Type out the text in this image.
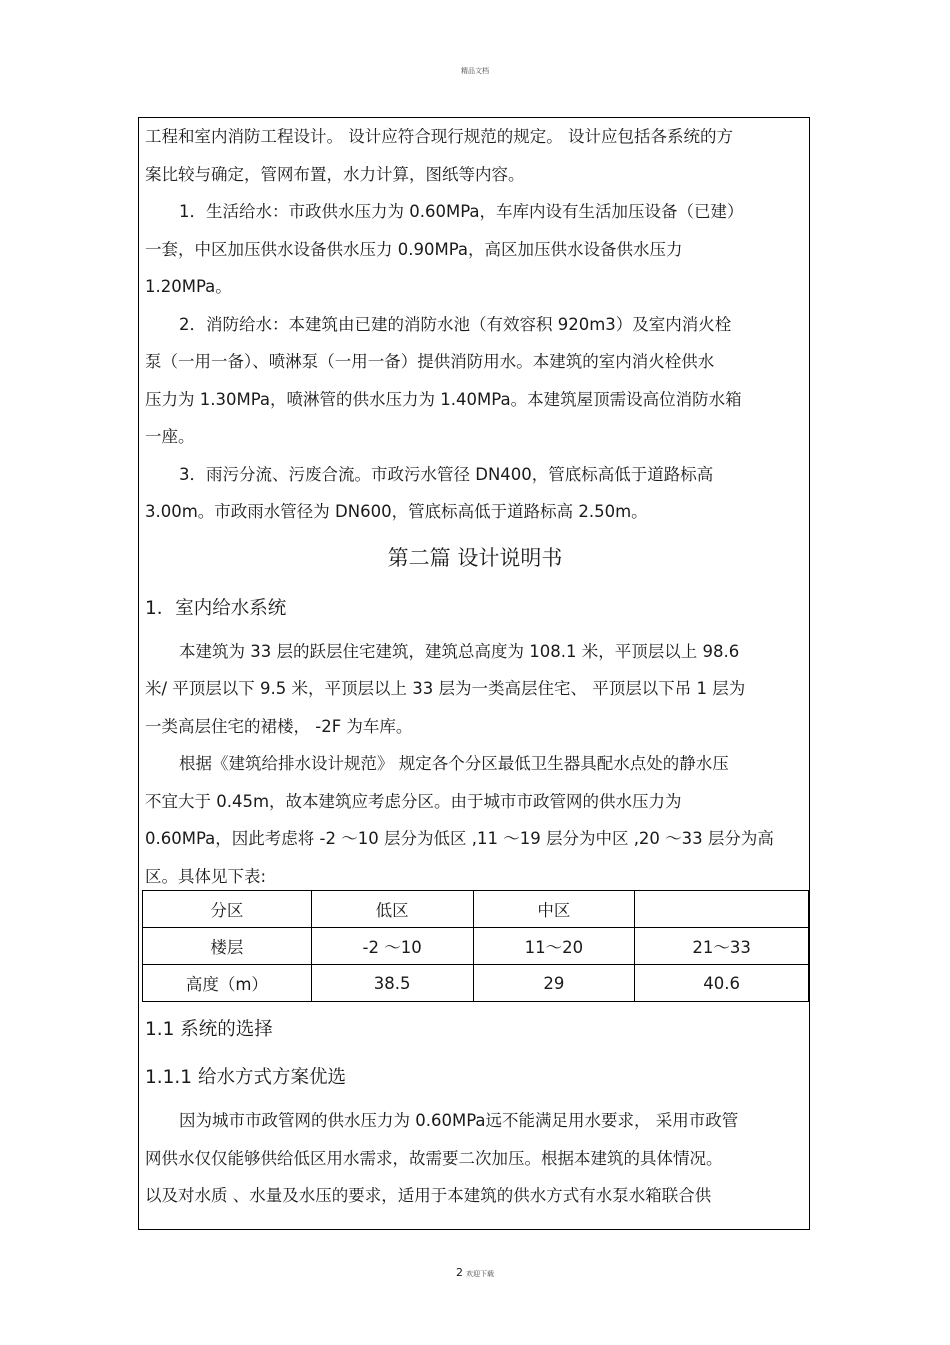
精品文档

工程和室内消防工程设计。 设计应符合现行规范的规定。 设计应包括各系统的方

案比较与确定，管网布置，水力计算，图纸等内容。

1．生活给水：市政供水压力为 0.60MPa，车库内设有生活加压设备（已建）

一套，中区加压供水设备供水压力 0.90MPa，高区加压供水设备供水压力

1.20MPa。

2．消防给水：本建筑由已建的消防水池（有效容积 920m3）及室内消火栓

泵（一用一备）、喷淋泵（一用一备）提供消防用水。本建筑的室内消火栓供水

压力为 1.30MPa，喷淋管的供水压力为 1.40MPa。本建筑屋顶需设高位消防水箱

一座。

3．雨污分流、污废合流。市政污水管径 DN400，管底标高低于道路标高

3.00m。市政雨水管径为 DN600，管底标高低于道路标高 2.50m。

第二篇 设计说明书

1．室内给水系统

本建筑为 33 层的跃层住宅建筑，建筑总高度为 108.1 米，平顶层以上 98.6

米/ 平顶层以下 9.5 米，平顶层以上 33 层为一类高层住宅、 平顶层以下吊 1 层为

一类高层住宅的裙楼， -2F 为车库。

根据《建筑给排水设计规范》 规定各个分区最低卫生器具配水点处的静水压

不宜大于 0.45m，故本建筑应考虑分区。由于城市市政管网的供水压力为

0.60MPa，因此考虑将 -2 ～10 层分为低区 ,11 ～19 层分为中区 ,20 ～33 层分为高

区。具体见下表:

分区	低区	中区	
楼层	-2 ～10	11～20	21～33
高度（m）	38.5	29	40.6

1.1 系统的选择

1.1.1 给水方式方案优选

因为城市市政管网的供水压力为 0.60MPa远不能满足用水要求， 采用市政管

网供水仅仅能够供给低区用水需求，故需要二次加压。根据本建筑的具体情况。

以及对水质 、水量及水压的要求，适用于本建筑的供水方式有水泵水箱联合供

2 欢迎下载
